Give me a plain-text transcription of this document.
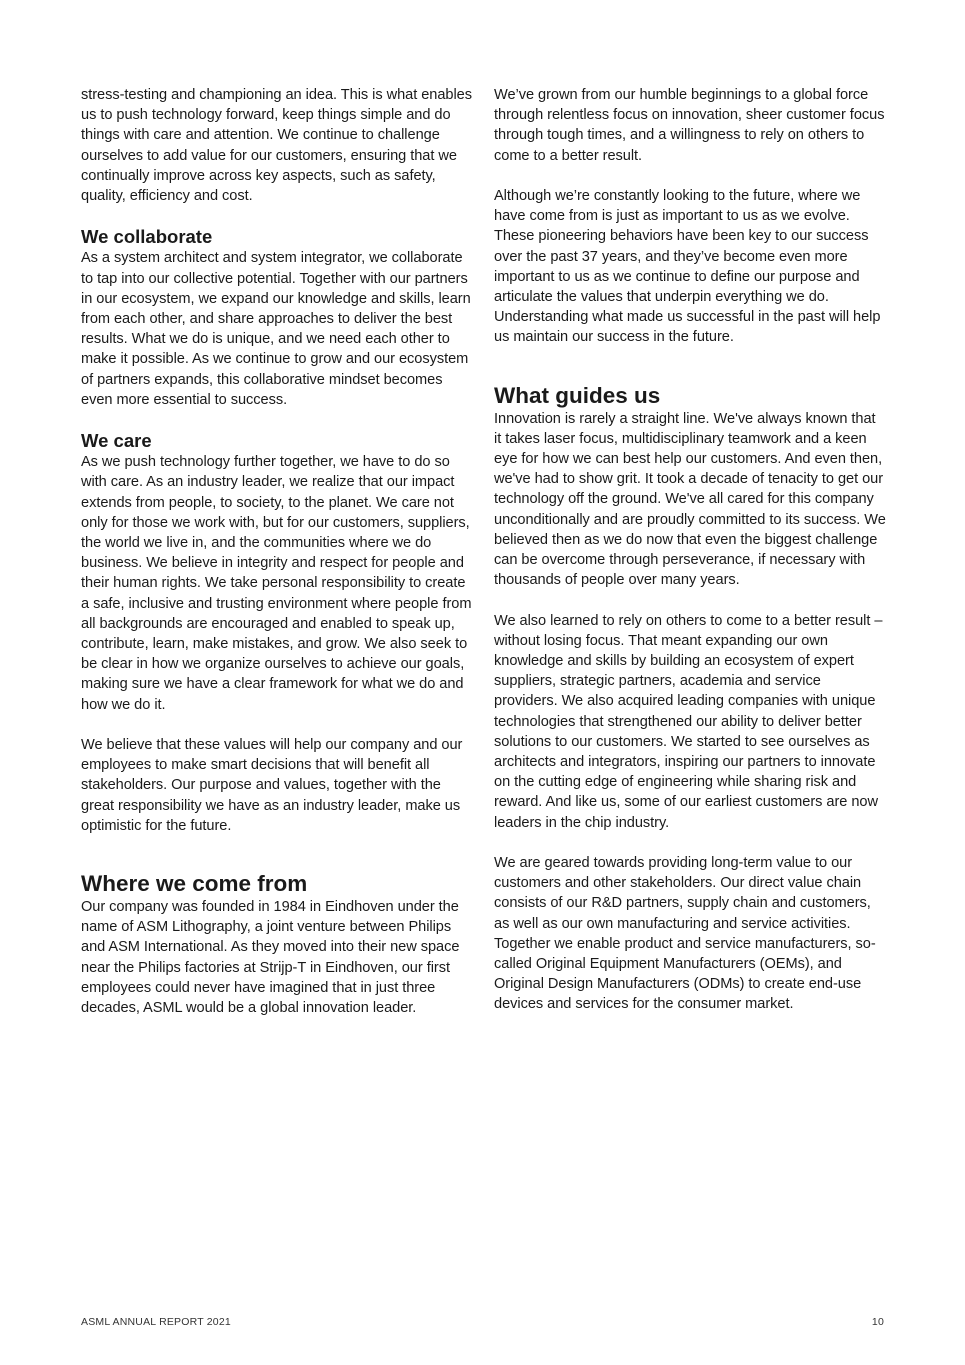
stress-testing and championing an idea. This is what enables us to push technology forward, keep things simple and do things with care and attention. We continue to challenge ourselves to add value for our customers, ensuring that we continually improve across key aspects, such as safety, quality, efficiency and cost.

We collaborate

As a system architect and system integrator, we collaborate to tap into our collective potential. Together with our partners in our ecosystem, we expand our knowledge and skills, learn from each other, and share approaches to deliver the best results. What we do is unique, and we need each other to make it possible. As we continue to grow and our ecosystem of partners expands, this collaborative mindset becomes even more essential to success.

We care

As we push technology further together, we have to do so with care. As an industry leader, we realize that our impact extends from people, to society, to the planet. We care not only for those we work with, but for our customers, suppliers, the world we live in, and the communities where we do business. We believe in integrity and respect for people and their human rights. We take personal responsibility to create a safe, inclusive and trusting environment where people from all backgrounds are encouraged and enabled to speak up, contribute, learn, make mistakes, and grow. We also seek to be clear in how we organize ourselves to achieve our goals, making sure we have a clear framework for what we do and how we do it.

We believe that these values will help our company and our employees to make smart decisions that will benefit all stakeholders. Our purpose and values, together with the great responsibility we have as an industry leader, make us optimistic for the future.

Where we come from

Our company was founded in 1984 in Eindhoven under the name of ASM Lithography, a joint venture between Philips and ASM International. As they moved into their new space near the Philips factories at Strijp-T in Eindhoven, our first employees could never have imagined that in just three decades, ASML would be a global innovation leader.

We’ve grown from our humble beginnings to a global force through relentless focus on innovation, sheer customer focus through tough times, and a willingness to rely on others to come to a better result.

Although we’re constantly looking to the future, where we have come from is just as important to us as we evolve. These pioneering behaviors have been key to our success over the past 37 years, and they’ve become even more important to us as we continue to define our purpose and articulate the values that underpin everything we do. Understanding what made us successful in the past will help us maintain our success in the future.

What guides us

Innovation is rarely a straight line. We've always known that it takes laser focus, multidisciplinary teamwork and a keen eye for how we can best help our customers. And even then, we've had to show grit. It took a decade of tenacity to get our technology off the ground. We've all cared for this company unconditionally and are proudly committed to its success. We believed then as we do now that even the biggest challenge can be overcome through perseverance, if necessary with thousands of people over many years.

We also learned to rely on others to come to a better result – without losing focus. That meant expanding our own knowledge and skills by building an ecosystem of expert suppliers, strategic partners, academia and service providers. We also acquired leading companies with unique technologies that strengthened our ability to deliver better solutions to our customers. We started to see ourselves as architects and integrators, inspiring our partners to innovate on the cutting edge of engineering while sharing risk and reward. And like us, some of our earliest customers are now leaders in the chip industry.

We are geared towards providing long-term value to our customers and other stakeholders. Our direct value chain consists of our R&D partners, supply chain and customers, as well as our own manufacturing and service activities. Together we enable product and service manufacturers, so-called Original Equipment Manufacturers (OEMs), and Original Design Manufacturers (ODMs) to create end-use devices and services for the consumer market.

ASML ANNUAL REPORT 2021	10
